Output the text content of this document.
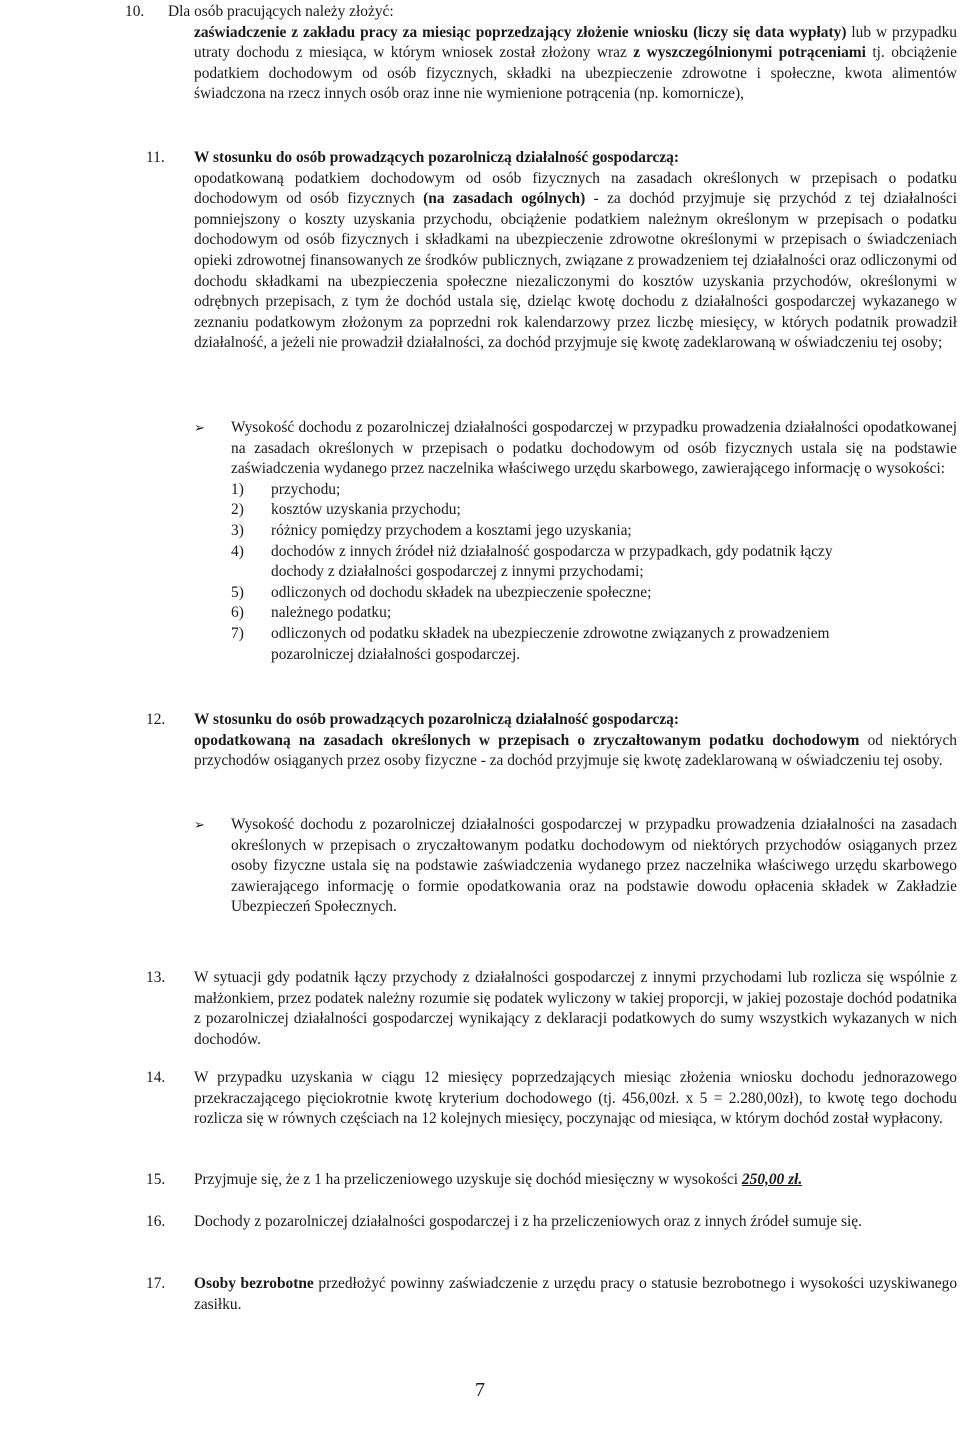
10.	Dla osób pracujących należy złożyć:
zaświadczenie z zakładu pracy za miesiąc poprzedzający złożenie wniosku (liczy się data wypłaty) lub w przypadku utraty dochodu z miesiąca, w którym wniosek został złożony wraz z wyszczególnionymi potrąceniami tj. obciążenie podatkiem dochodowym od osób fizycznych, składki na ubezpieczenie zdrowotne i społeczne, kwota alimentów świadczona na rzecz innych osób oraz inne nie wymienione potrącenia (np. komornicze),
11.	W stosunku do osób prowadzących pozarolniczą działalność gospodarczą:
opodatkowaną podatkiem dochodowym od osób fizycznych na zasadach określonych w przepisach o podatku dochodowym od osób fizycznych (na zasadach ogólnych) - za dochód przyjmuje się przychód z tej działalności pomniejszony o koszty uzyskania przychodu, obciążenie podatkiem należnym określonym w przepisach o podatku dochodowym od osób fizycznych i składkami na ubezpieczenie zdrowotne określonymi w przepisach o świadczeniach opieki zdrowotnej finansowanych ze środków publicznych, związane z prowadzeniem tej działalności oraz odliczonymi od dochodu składkami na ubezpieczenia społeczne niezaliczonymi do kosztów uzyskania przychodów, określonymi w odrębnych przepisach, z tym że dochód ustala się, dzieląc kwotę dochodu z działalności gospodarczej wykazanego w zeznaniu podatkowym złożonym za poprzedni rok kalendarzowy przez liczbę miesięcy, w których podatnik prowadził działalność, a jeżeli nie prowadził działalności, za dochód przyjmuje się kwotę zadeklarowaną w oświadczeniu tej osoby;
➢ Wysokość dochodu z pozarolniczej działalności gospodarczej w przypadku prowadzenia działalności opodatkowanej na zasadach określonych w przepisach o podatku dochodowym od osób fizycznych ustala się na podstawie zaświadczenia wydanego przez naczelnika właściwego urzędu skarbowego, zawierającego informację o wysokości:
1)	przychodu;
2)	kosztów uzyskania przychodu;
3)	różnicy pomiędzy przychodem a kosztami jego uzyskania;
4)	dochodów z innych źródeł niż działalność gospodarcza w przypadkach, gdy podatnik łączy
dochody z działalności gospodarczej z innymi przychodami;
5)	odliczonych od dochodu składek na ubezpieczenie społeczne;
6)	należnego podatku;
7)	odliczonych od podatku składek na ubezpieczenie zdrowotne związanych z prowadzeniem
pozarolniczej działalności gospodarczej.
12.	W stosunku do osób prowadzących pozarolniczą działalność gospodarczą:
opodatkowaną na zasadach określonych w przepisach o zryczałtowanym podatku dochodowym od niektórych przychodów osiąganych przez osoby fizyczne - za dochód przyjmuje się kwotę zadeklarowaną w oświadczeniu tej osoby.
➢ Wysokość dochodu z pozarolniczej działalności gospodarczej w przypadku prowadzenia działalności na zasadach określonych w przepisach o zryczałtowanym podatku dochodowym od niektórych przychodów osiąganych przez osoby fizyczne ustala się na podstawie zaświadczenia wydanego przez naczelnika właściwego urzędu skarbowego zawierającego informację o formie opodatkowania oraz na podstawie dowodu opłacenia składek w Zakładzie Ubezpieczeń Społecznych.
13.	W sytuacji gdy podatnik łączy przychody z działalności gospodarczej z innymi przychodami lub rozlicza się wspólnie z małżonkiem, przez podatek należny rozumie się podatek wyliczony w takiej proporcji, w jakiej pozostaje dochód podatnika z pozarolniczej działalności gospodarczej wynikający z deklaracji podatkowych do sumy wszystkich wykazanych w nich dochodów.
14.	W przypadku uzyskania w ciągu 12 miesięcy poprzedzających miesiąc złożenia wniosku dochodu jednorazowego przekraczającego pięciokrotnie kwotę kryterium dochodowego (tj. 456,00zł. x 5 = 2.280,00zł), to kwotę tego dochodu rozlicza się w równych częściach na 12 kolejnych miesięcy, poczynając od miesiąca, w którym dochód został wypłacony.
15.	Przyjmuje się, że z 1 ha przeliczeniowego uzyskuje się dochód miesięczny w wysokości 250,00 zł.
16.	Dochody z pozarolniczej działalności gospodarczej i z ha przeliczeniowych oraz z innych źródeł sumuje się.
17.	Osoby bezrobotne przedłożyć powinny zaświadczenie z urzędu pracy o statusie bezrobotnego i wysokości uzyskiwanego zasiłku.
7
